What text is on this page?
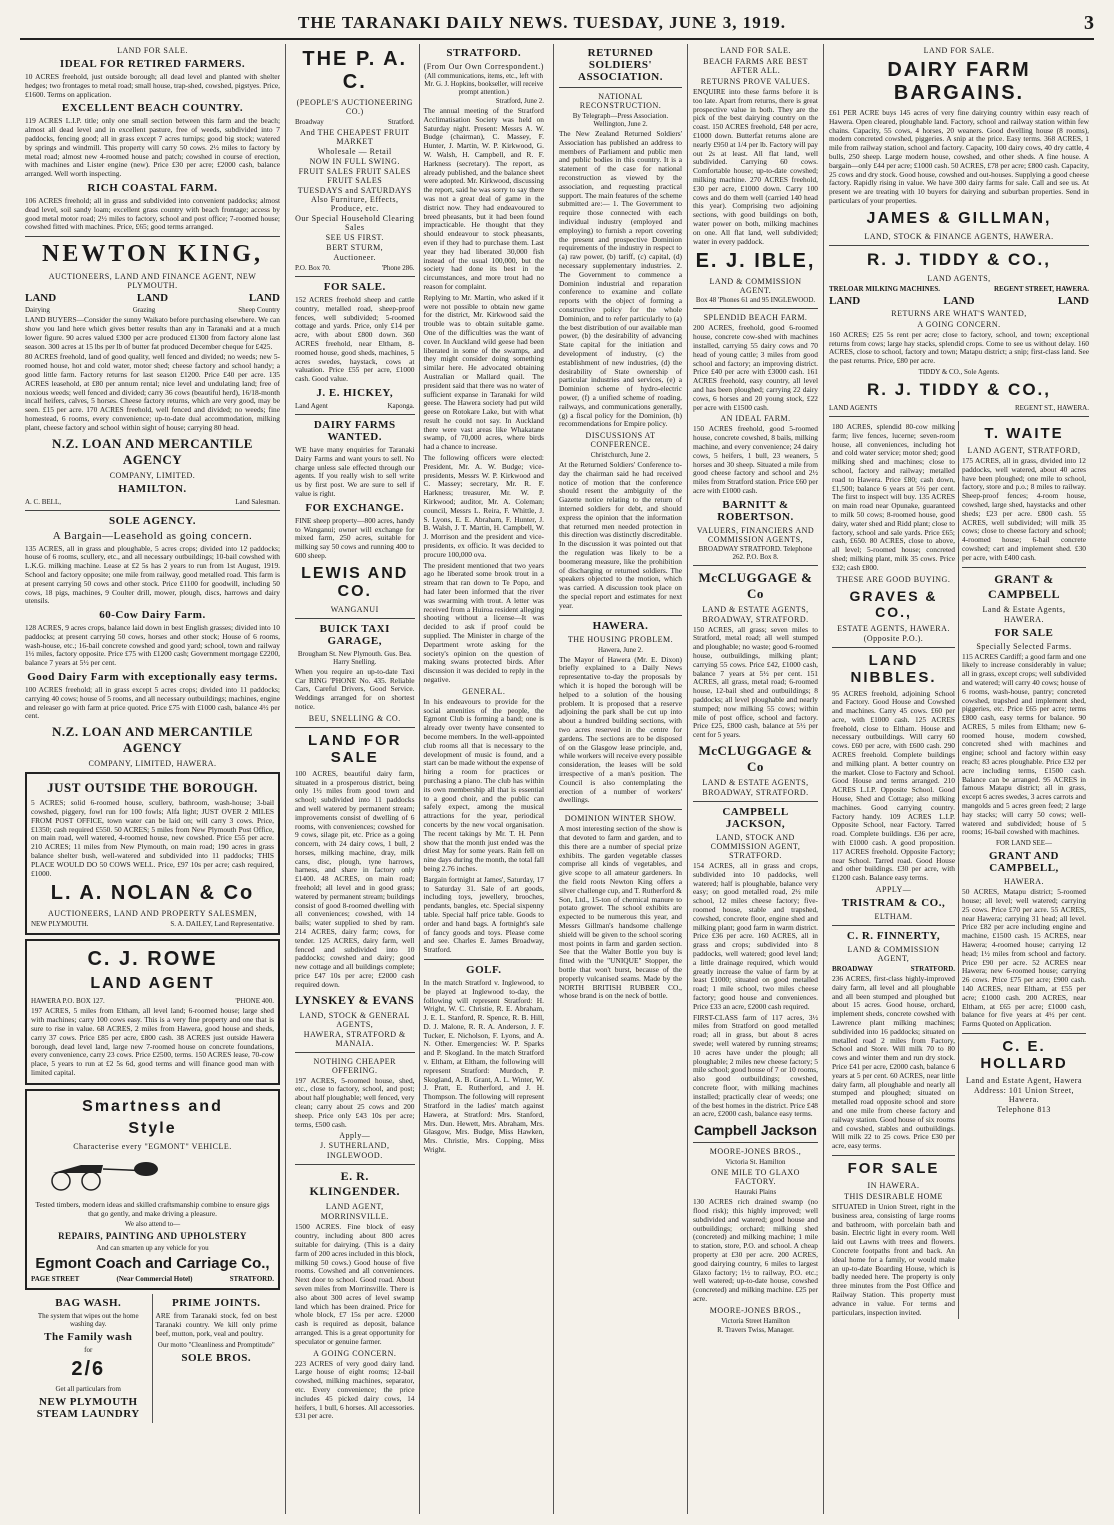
THE TARANAKI DAILY NEWS. TUESDAY, JUNE 3, 1919.	3
LAND FOR SALE.
IDEAL FOR RETIRED FARMERS.

10 ACRES freehold, just outside borough; all dead level and planted with shelter hedges; two frontages to metal road; small house, trap-shed, cowshed, pigstyes. Price, £1600. Terms on application.

EXCELLENT BEACH COUNTRY.

119 ACRES L.I.P. title; only one small section between this farm and the beach; almost all dead level and in excellent pasture, free of weeds, subdivided into 7 paddocks, fencing good; all in grass except 7 acres turnips; good big stock; watered by springs and windmill. This property will carry 50 cows. 2½ miles to factory by metal road; almost new 4-roomed house and patch; cowshed in course of erection, with machines and Lister engine (new). Price £30 per acre; £2000 cash, balance arranged. Well worth inspecting.

RICH COASTAL FARM.

106 ACRES freehold; all in grass and subdivided into convenient paddocks; almost dead level, soil sandy loam; excellent grass country with beach frontage; access by good metal motor road; 2½ miles to factory, school and post office; 7-roomed house; cowshed fitted with machines. Price, £65; good terms arranged.

NEWTON KING,
AUCTIONEERS, LAND AND FINANCE AGENT, NEW PLYMOUTH.
LAND	LAND	LAND
Dairying	Grazing	Sheep Country

LAND BUYERS—Consider the sunny Waikato before purchasing elsewhere. We can show you land here which gives better results than any in Taranaki and at a much lower figure. 90 acres valued £300 per acre produced £1300 from factory alone last season. 300 acres at 15 lbs per lb of butter fat produced December cheque for £425.

80 ACRES freehold, land of good quality, well fenced and divided; no weeds; new 5-roomed house, hot and cold water, motor shed; cheese factory and school handy; a good little farm. Factory returns for last season £1200. Price £40 per acre. 135 ACRES leasehold, at £80 per annum rental; nice level and undulating land; free of noxious weeds; well fenced and divided; carry 36 cows (beautiful herd), 16/18-month incalf heifers, calves, 5 horses. Cheese factory returns, which are very good, may be seen. £15 per acre. 170 ACRES freehold, well fenced and divided; no weeds; fine homestead, 6 rooms, every convenience; up-to-date dual accommodation, milking plant, cheese factory and school within sight of house; carrying 80 head.

N.Z. LOAN AND MERCANTILE AGENCY
COMPANY, LIMITED.
HAMILTON.
A. C. BELL,	Land Salesman.
SOLE AGENCY.
A Bargain—Leasehold as going concern.

135 ACRES, all in grass and ploughable, 5 acres crops; divided into 12 paddocks; house of 6 rooms, scullery, etc., and all necessary outbuildings; 10-bail cowshed with L.K.G. milking machine. Lease at £2 5s has 2 years to run from 1st August, 1919. School and factory opposite; one mile from railway, good metalled road. This farm is at present carrying 50 cows and other stock. Price £1100 for goodwill, including 50 cows, 18 pigs, machines, 9 Coulter drill, mower, plough, discs, harrows and dairy utensils.

60-Cow Dairy Farm.

128 ACRES, 9 acres crops, balance laid down in best English grasses; divided into 10 paddocks; at present carrying 50 cows, horses and other stock; House of 6 rooms, wash-house, etc.; 16-bail concrete cowshed and good yard; school, town and railway 1½ miles, factory opposite. Price £75 with £1200 cash; Government mortgage £2200, balance 7 years at 5½ per cent.

Good Dairy Farm with exceptionally easy terms.

100 ACRES freehold; all in grass except 5 acres crops; divided into 11 paddocks; carrying 40 cows; house of 5 rooms, and all necessary outbuildings; machines, engine and releaser go with farm at price quoted. Price £75 with £1000 cash, balance 4½ per cent.

N.Z. LOAN AND MERCANTILE AGENCY
COMPANY, LIMITED, HAWERA.
JUST OUTSIDE THE BOROUGH.

5 ACRES; solid 6-roomed house, scullery, bathroom, wash-house; 3-bail cowshed, piggery, fowl run for 100 fowls; Alfa light; JUST OVER 2 MILES FROM POST OFFICE, town water can be laid on; will carry 3 cows. Price, £1350; cash required £550. 50 ACRES; 5 miles from New Plymouth Post Office, on main road, well watered, 4-roomed house, new cowshed. Price £55 per acre. 210 ACRES; 11 miles from New Plymouth, on main road; 190 acres in grass balance shelter bush, well-watered and subdivided into 11 paddocks; THIS PLACE WOULD DO 50 COWS WELL. Price, £97 10s per acre; cash required, £1000.

L. A. NOLAN & Co
AUCTIONEERS, LAND AND PROPERTY SALESMEN,
NEW PLYMOUTH.	S. A. DAILEY, Land Representative.
C. J. ROWE
LAND AGENT
HAWERA P.O. BOX 127.	'PHONE 400.

197 ACRES, 5 miles from Eltham, all level land; 6-roomed house; large shed with machines; carry 100 cows easy. This is a very fine property and one that is sure to rise in value. 68 ACRES, 2 miles from Hawera, good house and sheds, carry 37 cows. Price £85 per acre, £800 cash. 38 ACRES just outside Hawera borough, dead level land, large new 7-roomed house on concrete foundations, every convenience, carry 23 cows. Price £2500, terms. 150 ACRES lease, 70-cow place, 5 years to run at £2 5s 6d, good terms and will finance good man with limited capital.

Smartness and
Style
Characterise every "EGMONT" VEHICLE.

Tested timbers, modern ideas and skilled craftsmanship combine to ensure gigs that go gently, and make driving a pleasure.

We also attend to—
REPAIRS, PAINTING AND UPHOLSTERY
And can smarten up any vehicle for you
Egmont Coach and Carriage Co.,
PAGE STREET	(Near Commercial Hotel)	STRATFORD.
BAG WASH.
The system that wipes out the home washing day.
The Family wash
for
2/6
Get all particulars from
NEW PLYMOUTH STEAM LAUNDRY
PRIME JOINTS.

ARE from Taranaki stock, fed on best Taranaki country. We kill only prime beef, mutton, pork, veal and poultry.

Our motto "Cleanliness and Promptitude"
SOLE BROS.
THE P. A. C.
(PEOPLE'S AUCTIONEERING CO.)
Broadway	Stratford.
And THE CHEAPEST FRUIT MARKET
Wholesale — Retail
NOW IN FULL SWING.
FRUIT SALES FRUIT SALES FRUIT SALES
TUESDAYS and SATURDAYS Also Furniture, Effects, Produce, etc.
Our Special Household Clearing Sales
SEE US FIRST.
BERT STURM,
Auctioneer.
P.O. Box 70.	'Phone 286.
FOR SALE.

152 ACRES freehold sheep and cattle country, metalled road, sheep-proof fences, well subdivided; 5-roomed cottage and yards. Price, only £14 per acre, with about £800 down. 360 ACRES freehold, near Eltham, 8-roomed house, good sheds, machines, 5 acres swedes, haystack, cows at valuation. Price £55 per acre, £1000 cash. Good value.

J. E. HICKEY,
Land Agent	Kaponga.
DAIRY FARMS WANTED.

WE have many enquiries for Taranaki Dairy Farms and want yours to sell. No charge unless sale effected through our agents. If you really wish to sell write us by first post. We are sure to sell if value is right.

FOR EXCHANGE.

FINE sheep property—800 acres, handy to Wanganui; owner will exchange for mixed farm, 250 acres, suitable for milking say 50 cows and running 400 to 600 sheep.

LEWIS AND CO.
WANGANUI
BUICK TAXI GARAGE,
Brougham St. New Plymouth. Gus. Bea. Harry Snelling.

When you require an up-to-date Taxi Car RING 'PHONE No. 435. Reliable Cars, Careful Drivers, Good Service. Weddings arranged for on shortest notice.

BEU, SNELLING & CO.
LAND FOR SALE

100 ACRES, beautiful dairy farm, situated in a prosperous district, being only 1½ miles from good town and school; subdivided into 11 paddocks and well watered by permanent stream; improvements consist of dwelling of 6 rooms, with conveniences; cowshed for 9 cows, silage pit, etc. Price as a going concern, with 24 dairy cows, 1 bull, 2 horses, milking machine, dray, milk cans, disc, plough, tyne harrows, harness, and share in factory only £1400. 48 ACRES, on main road; freehold; all level and in good grass; watered by permanent stream; buildings consist of good 8-roomed dwelling with all conveniences; cowshed, with 14 bails; water supplied to shed by ram. 214 ACRES, dairy farm; cows, for tender. 125 ACRES, dairy farm, well fenced and subdivided into 10 paddocks; cowshed and dairy; good new cottage and all buildings complete; price £47 10s per acre; £2000 cash required down.

LYNSKEY & EVANS
LAND, STOCK & GENERAL AGENTS,
HAWERA, STRATFORD & MANAIA.
NOTHING CHEAPER OFFERING.

197 ACRES, 5-roomed house, shed, etc., close to factory, school, and post; about half ploughable; well fenced, very clean; carry about 25 cows and 200 sheep. Price only £43 10s per acre; terms, £500 cash.

Apply—
J. SUTHERLAND,
INGLEWOOD.
E. R. KLINGENDER.
LAND AGENT,
MORRINSVILLE.

1500 ACRES. Fine block of easy country, including about 800 acres suitable for dairying. (This is a dairy farm of 200 acres included in this block, milking 50 cows.) Good house of five rooms. Cowshed and all conveniences. Next door to school. Good road. About seven miles from Morrinsville. There is also about 300 acres of level swamp land which has been drained. Price for whole block, £7 15s per acre. £2000 cash is required as deposit, balance arranged. This is a great opportunity for speculator or genuine farmer.

A GOING CONCERN.

223 ACRES of very good dairy land. Large house of eight rooms; 12-bail cowshed, milking machines, separator, etc. Every convenience; the price includes 45 picked dairy cows, 14 heifers, 1 bull, 6 horses. All accessories. £31 per acre.

STRATFORD.
(From Our Own Correspondent.)
(All communications, items, etc., left with Mr. G. J. Hopkins, bookseller, will receive prompt attention.)
Stratford, June 2.

The annual meeting of the Stratford Acclimatisation Society was held on Saturday night. Present: Messrs A. W. Budge (chairman), C. Massey, F. Hunter, J. Martin, W. P. Kirkwood, G. W. Walsh, H. Campbell, and R. F. Harkness (secretary). The report, as already published, and the balance sheet were adopted. Mr. Kirkwood, discussing the report, said he was sorry to say there was not a great deal of game in the district now. They had endeavoured to breed pheasants, but it had been found impracticable. He thought that they should endeavour to stock pheasants, even if they had to purchase them. Last year they had liberated 30,000 fish instead of the usual 100,000, but the society had done its best in the circumstances, and more trout had no reason for complaint.

Replying to Mr. Martin, who asked if it were not possible to obtain new game for the district, Mr. Kirkwood said the trouble was to obtain suitable game. One of the difficulties was the want of cover. In Auckland wild geese had been liberated in some of the swamps, and they might consider doing something similar here. He advocated obtaining Australian or Mallard quail. The president said that there was no water of sufficient expanse in Taranaki for wild geese. The Hawera society had put wild geese on Rotokare Lake, but with what result he could not say. In Auckland there were vast areas like Whakatane swamp, of 70,000 acres, where birds had a chance to increase.

The following officers were elected: President, Mr. A. W. Budge; vice-presidents, Messrs W. P. Kirkwood and C. Massey; secretary, Mr. R. F. Harkness; treasurer, Mr. W. P. Kirkwood; auditor, Mr. A. Coleman; council, Messrs L. Reira, F. Whittle, J. S. Lyons, E. E. Abraham, F. Hunter, J. B. Walsh, J. T. Martin, H. Campbell, W. J. Morrison and the president and vice-presidents, ex officio. It was decided to procure 100,000 ova.

The president mentioned that two years ago he liberated some brook trout in a stream that ran down to Te Popo, and had later been informed that the river was swarming with trout. A letter was received from a Huiroa resident alleging shooting without a license—It was decided to ask if proof could be supplied. The Minister in charge of the Department wrote asking for the society's opinion on the question of making swans protected birds. After discussion it was decided to reply in the negative.

GENERAL.

In his endeavours to provide for the social amenities of the people, the Egmont Club is forming a band; one is already over twenty have consented to become members. In the well-appointed club rooms all that is necessary to the development of music is found, and a start can be made without the expense of hiring a room for practices or purchasing a piano. The club has within its own membership all that is essential to a good choir, and the public can safely expect, among the musical attractions for the year, periodical concerts by the new vocal organisation. The recent takings by Mr. T. H. Penn show that the month just ended was the driest May for some years. Rain fell on nine days during the month, the total fall being 2.76 inches.

Bargain fortnight at James', Saturday, 17 to Saturday 31. Sale of art goods, including toys, jewellery, brooches, pendants, bangles, etc. Special sixpenny table. Special half price table. Goods to order and hand bags. A fortnight's sale of fancy goods and toys. Please come and see. Charles E. James Broadway, Stratford.

GOLF.

In the match Stratford v. Inglewood, to be played at Inglewood to-day, the following will represent Stratford: H. Wright, W. C. Christie, R. E. Abraham, J. E. L. Stanford, R. Spence, R. B. Hill, D. J. Malone, R. R. A. Anderson, J. F. Tucker, E. Nicholson, F. Lyons, and A. N. Other. Emergencies: W. P. Sparks and P. Skogland. In the match Stratford v. Eltham, at Eltham, the following will represent Stratford: Murdoch, P. Skogland, A. B. Grant, A. L. Winter, W. J. Pratt, E. Rutherford, and J. H. Thompson. The following will represent Stratford in the ladies' match against Hawera, at Stratford: Mrs. Stanford, Mrs. Dun. Hewett, Mrs. Abraham, Mrs. Glasgow, Mrs. Budge, Miss Hawken, Mrs. Christie, Mrs. Copping, Miss Wright.

RETURNED SOLDIERS' ASSOCIATION.
NATIONAL RECONSTRUCTION.
By Telegraph—Press Association. Wellington, June 2.

The New Zealand Returned Soldiers' Association has published an address to members of Parliament and public men and public bodies in this country. It is a statement of the case for national reconstruction as viewed by the association, and requesting practical support. The main features of the scheme submitted are:— 1. The Government to require those connected with each individual industry (employed and employing) to furnish a report covering the present and prospective Dominion requirements of the industry in respect to (a) raw power, (b) tariff, (c) capital, (d) necessary supplementary industries. 2. The Government to commence a Dominion industrial and reparation conference to examine and collate reports with the object of forming a constructive policy for the whole Dominion, and to refer particularly to (a) the best distribution of our available man power, (b) the desirability of advancing State capital for the initiation and development of industry, (c) the establishment of new industries, (d) the desirability of State ownership of particular industries and services, (e) a Dominion scheme of hydro-electric power, (f) a unified scheme of roading, railways, and communications generally, (g) a fiscal policy for the Dominion, (h) recommendations for Empire policy.

DISCUSSIONS AT CONFERENCE.
Christchurch, June 2.

At the Returned Soldiers' Conference to-day the chairman said he had received notice of motion that the conference should resent the ambiguity of the Gazette notice relating to the return of interned soldiers for debt, and should express the opinion that the information that returned men needed protection in this direction was distinctly discreditable. In the discussion it was pointed out that the regulation was likely to be a boomerang measure, like the prohibition of discharging or returned soldiers. The speakers objected to the motion, which was carried. A discussion took place on the special report and estimates for next year.

HAWERA.
THE HOUSING PROBLEM.
Hawera, June 2.

The Mayor of Hawera (Mr. E. Dixon) briefly explained to a Daily News representative to-day the proposals by which it is hoped the borough will be helped to a solution of the housing problem. It is proposed that a reserve adjoining the park shall be cut up into about a hundred building sections, with two acres reserved in the centre for gardens. The sections are to be disposed of on the Glasgow lease principle, and, while workers will receive every possible consideration, the leases will be sold irrespective of a man's position. The Council is also contemplating the erection of a number of workers' dwellings.

DOMINION WINTER SHOW.

A most interesting section of the show is that devoted to farm and garden, and to this there are a number of special prize exhibits. The garden vegetable classes comprise all kinds of vegetables, and give scope to all amateur gardeners. In the field roots Newton King offers a silver challenge cup, and T. Rutherford & Son, Ltd., 15-ton of chemical manure to potato grower. The school exhibits are expected to be numerous this year, and Messrs Gillman's handsome challenge shield will be given to the school scoring most points in farm and garden section. See that the Walter Bottle you buy is fitted with the "UNIQUE" Stopper, the bottle that won't burst, because of the properly vulcanised seams. Made by the NORTH BRITISH RUBBER CO., whose brand is on the neck of bottle.

LAND FOR SALE.
BEACH FARMS ARE BEST AFTER ALL.
RETURNS PROVE VALUES.

ENQUIRE into these farms before it is too late. Apart from returns, there is great prospective value in both. They are the pick of the best dairying country on the coast. 150 ACRES freehold, £48 per acre, £1000 down. Butterfat returns alone are nearly £950 at 1/4 per lb. Factory will pay out 2s at least. All flat land, well subdivided. Carrying 60 cows. Comfortable house; up-to-date cowshed; milking machine. 270 ACRES freehold, £30 per acre, £1000 down. Carry 100 cows and do them well (carried 140 head this year). Comprising two adjoining sections, with good buildings on both, water power on both, milking machines on one. All flat land, well subdivided; water in every paddock.

E. J. IBLE,
LAND & COMMISSION AGENT.
Box 48 'Phones 61 and 95 INGLEWOOD.
SPLENDID BEACH FARM.

200 ACRES, freehold, good 6-roomed house, concrete cow-shed with machines installed, carrying 55 dairy cows and 70 head of young cattle; 3 miles from good school and factory; an improving district. Price £40 per acre with £3000 cash. 161 ACRES freehold, easy country, all level and has been ploughed; carrying 22 dairy cows, 6 horses and 20 young stock, £22 per acre with £1500 cash.

AN IDEAL FARM.

150 ACRES freehold, good 5-roomed house, concrete cowshed, 8 bails, milking machine, and every convenience; 24 dairy cows, 5 heifers, 1 bull, 23 weaners, 5 horses and 30 sheep. Situated a mile from good cheese factory and school and 2½ miles from Stratford station. Price £60 per acre with £1000 cash.

BARNITT & ROBERTSON.
VALUERS, FINANCIERS AND COMMISSION AGENTS,
BROADWAY STRATFORD. Telephone 262. P.O. Box 8.
McCLUGGAGE & Co
LAND & ESTATE AGENTS,
BROADWAY, STRATFORD.

150 ACRES, all grass; seven miles to Stratford, metal road; all well stumped and ploughable; no waste; good 6-roomed house, outbuildings, milking plant; carrying 55 cows. Price £42, £1000 cash, balance 7 years at 5½ per cent. 151 ACRES, all grass, metal road; 6-roomed house, 12-bail shed and outbuildings; 8 paddocks; all level ploughable and nearly stumped; now milking 55 cows; within mile of post office, school and factory. Price £25, £800 cash, balance at 5½ per cent for 5 years.

McCLUGGAGE & Co
LAND & ESTATE AGENTS,
BROADWAY, STRATFORD.
CAMPBELL JACKSON,
LAND, STOCK AND COMMISSION AGENT, STRATFORD.

154 ACRES, all in grass and crops, subdivided into 10 paddocks, well watered; half is ploughable, balance very easy; on good metalled road, 2½ mile school, 12 miles cheese factory; five-roomed house, stable and trapshed, cowshed, concrete floor, engine shed and milking plant; good farm in warm district. Price £36 per acre. 160 ACRES, all in grass and crops; subdivided into 8 paddocks, well watered; good level land; a little drainage required, which would greatly increase the value of farm by at least £1000; situated on good metalled road; 1 mile school, two miles cheese factory; good house and conveniences. Price £33 an acre, £2000 cash required.

FIRST-CLASS farm of 117 acres, 3½ miles from Stratford on good metalled road; all in grass, but about 8 acres swede; well watered by running streams; 10 acres have under the plough; all ploughable; 2 miles new cheese factory; 5 mile school; good house of 7 or 10 rooms, also good outbuildings; cowshed, concrete floor, with milking machines installed; practically clear of weeds; one of the best homes in the district. Price £48 an acre, £2000 cash, balance easy terms.

Campbell Jackson
MOORE-JONES BROS.,
Victoria St. Hamilton
ONE MILE TO GLAXO FACTORY.
Hauraki Plains

130 ACRES rich drained swamp (no flood risk); this highly improved; well subdivided and watered; good house and outbuildings; orchard; milking shed (concreted) and milking machine; 1 mile to station, store, P.O. and school. A cheap property at £30 per acre. 200 ACRES, good dairying country, 6 miles to largest Glaxo factory; 1½ to railway, P.O. etc.; well watered; up-to-date house, cowshed (concreted) and milking machine. £25 per acre.

MOORE-JONES BROS.,
Victoria Street Hamilton
R. Travers Twiss, Manager.
LAND FOR SALE.
DAIRY FARM BARGAINS.

£61 PER ACRE buys 145 acres of very fine dairying country within easy reach of Hawera. Open cleared, ploughable land. Factory, school and railway station within few chains. Capacity, 55 cows, 4 horses, 20 weaners. Good dwelling house (8 rooms), modern concreted cowshed, piggeries. A snip at the price. Easy terms. 368 ACRES, 1 mile from railway station, school and factory. Capacity, 100 dairy cows, 40 dry cattle, 4 bulls, 250 sheep. Large modern house, cowshed, and other sheds. A fine house. A bargain—only £44 per acre; £1000 cash. 50 ACRES, £78 per acre; £800 cash. Capacity, 25 cows and dry stock. Good house, cowshed and out-houses. Supplying a good cheese factory. Rapidly rising in value. We have 300 dairy farms for sale. Call and see us. At present we are treating with 10 buyers for dairying and suburban properties. Send in particulars of your properties.

JAMES & GILLMAN,
LAND, STOCK & FINANCE AGENTS, HAWERA.
R. J. TIDDY & CO.,
LAND AGENTS,
TRELOAR MILKING MACHINES.	REGENT STREET, HAWERA.
LAND	LAND	LAND
RETURNS ARE WHAT'S WANTED,
A GOING CONCERN.

160 ACRES; £25 5s rent per acre; close to factory, school, and town; exceptional returns from cows; large hay stacks, splendid crops. Come to see us without delay. 160 ACRES, close to school, factory and town; Matapu district; a snip; first-class land. See the past returns. Price, £80 per acre.

TIDDY & CO., Sole Agents.
R. J. TIDDY & CO.,
LAND AGENTS	REGENT ST., HAWERA.

180 ACRES, splendid 80-cow milking farm; live fences, lucerne; seven-room house, all conveniences, including hot and cold water service; motor shed; good milking shed and machines; close to school, factory and railway; metalled road to Hawera. Price £80; cash down, £1,500; balance 6 years at 5½ per cent. The first to inspect will buy. 135 ACRES on main road near Opunake, guaranteed to milk 50 cows; 8-roomed house, good dairy, water shed and Ridd plant; close to factory, school and sale yards. Price £65; cash, £650. 80 ACRES, close to above, all level; 5-roomed house; concreted shed; milking plant, milk 35 cows. Price £32; cash £800.

THESE ARE GOOD BUYING.
GRAVES & CO.,
ESTATE AGENTS, HAWERA.
(Opposite P.O.).
LAND NIBBLES.

95 ACRES freehold, adjoining School and Factory. Good House and Cowshed and machines. Carry 45 cows. £60 per acre, with £1000 cash. 125 ACRES freehold, close to Eltham. House and necessary outbuildings. Will carry 60 cows. £60 per acre, with £600 cash. 290 ACRES freehold. Complete buildings and milking plant. A better country on the market. Close to Factory and School. Good House and terms arranged. 210 ACRES L.I.P. Opposite School. Good House, Shed and Cottage; also milking machines. Good carrying country. Factory handy. 109 ACRES L.I.P. Opposite School, near Factory. Tarred road. Complete buildings. £36 per acre, with £1000 cash. A good proposition. 117 ACRES freehold. Opposite Factory; near School. Tarred road. Good House and other buildings. £30 per acre, with £1200 cash. Balance easy terms.

APPLY—
TRISTRAM & CO.,
ELTHAM.
C. R. FINNERTY,
LAND & COMMISSION AGENT,
BROADWAY	STRATFORD.

236 ACRES, first-class highly-improved dairy farm, all level and all ploughable and all been stumped and ploughed but about 15 acres. Good house, orchard, implement sheds, concrete cowshed with Lawrence plant milking machines; subdivided into 16 paddocks; situated on metalled road 2 miles from Factory, School and Store. Will milk 70 to 80 cows and winter them and run dry stock. Price £41 per acre, £2000 cash, balance 6 years at 5 per cent. 60 ACRES, near little dairy farm, all ploughable and nearly all stumped and ploughed; situated on metalled road opposite school and store and one mile from cheese factory and railway station. Good house of six rooms and cowshed, stables and outbuildings. Will milk 22 to 25 cows. Price £30 per acre, easy terms.

FOR SALE
IN HAWERA.
THIS DESIRABLE HOME

SITUATED in Union Street, right in the business area, consisting of large rooms and bathroom, with porcelain bath and basin. Electric light in every room. Well laid out Lawns with trees and flowers. Concrete footpaths front and back. An ideal home for a family, or would make an up-to-date Boarding House, which is badly needed here. The property is only three minutes from the Post Office and Railway Station. This property must advance in value. For terms and particulars, inspection invited.

T. WAITE
LAND AGENT, STRATFORD,

175 ACRES, all in grass, divided into 12 paddocks, well watered, about 40 acres have been ploughed; one mile to school, factory, store and p.o.; 8 miles to railway. Sheep-proof fences; 4-room house, cowshed, large shed, haystacks and other sheds; £23 per acre. £800 cash. 55 ACRES, well subdivided; will milk 35 cows; close to cheese factory and school; 4-roomed house; 6-bail concrete cowshed; cart and implement shed. £30 per acre, with £400 cash.

GRANT & CAMPBELL
Land & Estate Agents,
HAWERA.
FOR SALE
Specially Selected Farms.

115 ACRES Cardiff; a good farm and one likely to increase considerably in value; all in grass, except crops; well subdivided and watered; will carry 40 cows; house of 6 rooms, wash-house, pantry; concreted cowshed, trapshed and implement shed, piggeries, etc. Price £65 per acre; terms £800 cash, easy terms for balance. 90 ACRES, 5 miles from Eltham; new 6-roomed house, modern cowshed, concreted shed with machines and engine; school and factory within easy reach; 83 acres ploughable. Price £32 per acre including terms, £1500 cash. Balance can be arranged. 95 ACRES in famous Matapu district; all in grass, except 6 acres swedes, 3 acres carrots and mangolds and 5 acres green feed; 2 large hay stacks; will carry 50 cows; well-watered and subdivided; house of 5 rooms; 16-bail cowshed with machines.

FOR LAND SEE—
GRANT AND CAMPBELL,
HAWERA.

50 ACRES, Matapu district; 5-roomed house; all level; well watered; carrying 25 cows. Price £70 per acre. 55 ACRES, near Hawera; carrying 31 head; all level. Price £82 per acre including engine and machine, £1500 cash. 15 ACRES, near Hawera; 4-roomed house; carrying 12 head; 1½ miles from school and factory. Price £90 per acre. 52 ACRES near Hawera; new 6-roomed house; carrying 26 cows. Price £75 per acre; £900 cash. 140 ACRES, near Eltham, at £55 per acre; £1000 cash. 200 ACRES, near Eltham, at £65 per acre; £1000 cash, balance for five years at 4½ per cent. Farms Quoted on Application.

C. E. HOLLARD
Land and Estate Agent, Hawera
Address: 101 Union Street, Hawera.
Telephone 813
